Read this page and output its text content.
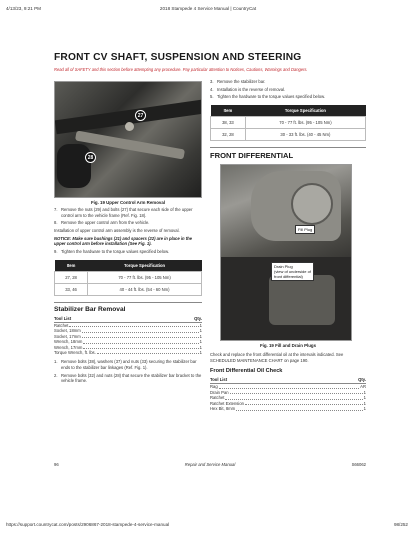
4/13/23, 9:21 PM	2018 Stampede 4 Service Manual | CountryCat
FRONT CV SHAFT, SUSPENSION AND STEERING
Read all of SAFETY and this section before attempting any procedure. Pay particular attention to Notices, Cautions, Warnings and Dangers.
27
28
Fig. 19 Upper Control Arm Removal
7. Remove the nuts (29) and bolts (27) that secure each side of the upper control arm to the vehicle frame (Ref. Fig. 18).
8. Remove the upper control arm from the vehicle.
Installation of upper control arm assembly is the reverse of removal.
NOTICE: Make sure bushings (21) and spacers (22) are in place in the upper control arm before installation (See Fig. 1).
9. Tighten the hardware to the torque values specified below.
Item	Torque Specification
27, 28	70 - 77 ft. lbs. (95 - 105 Nm)
33, 46	40 - 44 ft. lbs. (54 - 60 Nm)
Stabilizer Bar Removal
Tool List	Qty.
Ratchet	1
Socket, 18mm	1
Socket, 17mm	1
Wrench, 18mm	1
Wrench, 17mm	1
Torque Wrench, ft. lbs.	1
1. Remove bolts (38), washers (37) and nuts (33) securing the stabilizer bar ends to the stabilizer bar linkages (Ref. Fig. 1).
2. Remove bolts (32) and nuts (28) that secure the stabilizer bar bracket to the vehicle frame.
3. Remove the stabilizer bar.
4. Installation is the reverse of removal.
5. Tighten the hardware to the torque values specified below.
Item	Torque Specification
38, 33	70 - 77 ft. lbs. (95 - 105 Nm)
32, 28	30 - 33 ft. lbs. (40 - 45 Nm)
FRONT DIFFERENTIAL
Fill Plug
Drain Plug
(view of underside of
front differential)
Fig. 19 Fill and Drain Plugs
Check and replace the front differential oil at the intervals indicated. See SCHEDULED MAINTENANCE CHART on page 190.
Front Differential Oil Check
Tool List	Qty.
Rag	AR
Drain Pan	1
Ratchet	1
Ratchet Extension	1
Hex Bit, 8mm	1
96	Repair and Service Manual	S66062
https://support.countrycat.com/posts/2906867-2018-stampede-4-service-manual	98/252
